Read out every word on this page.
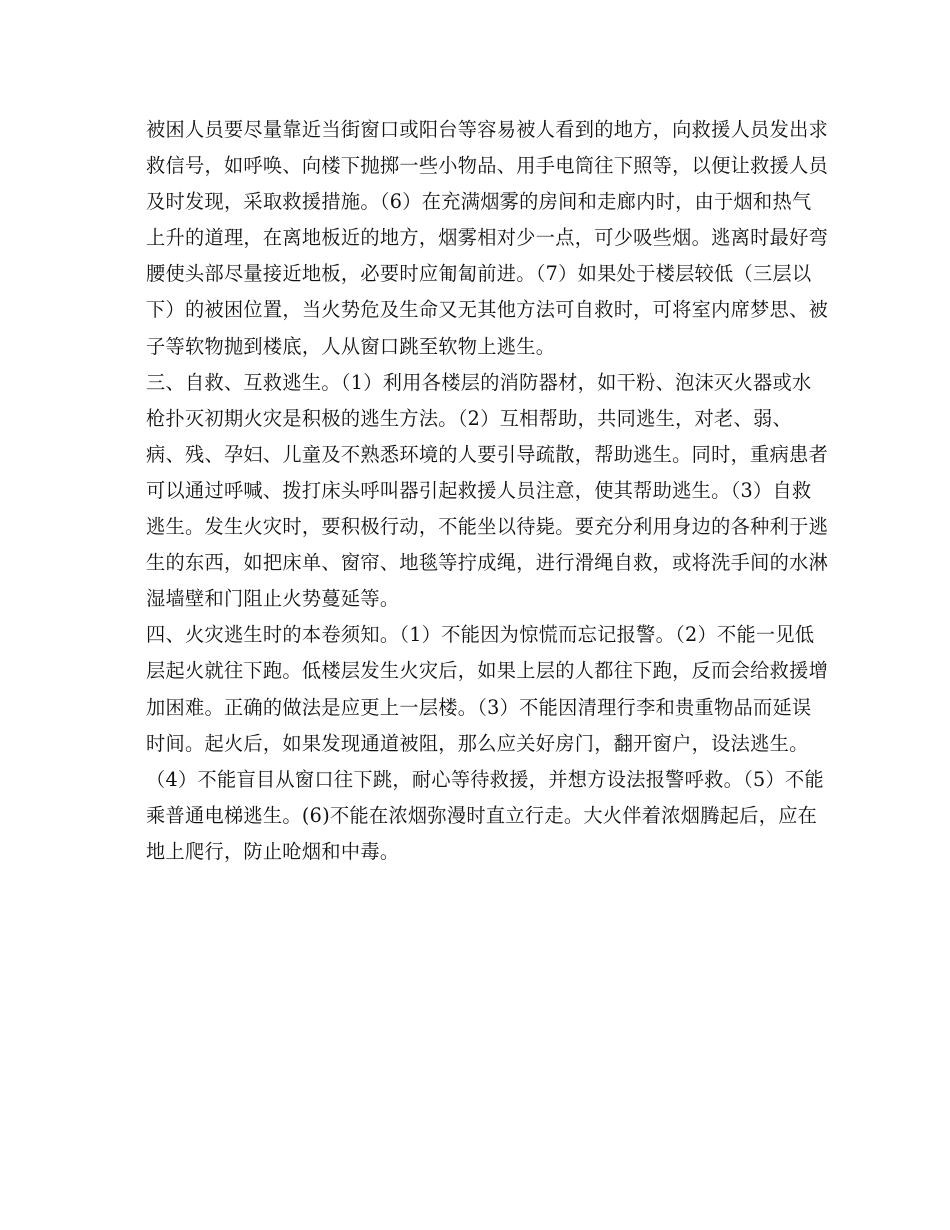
被困人员要尽量靠近当街窗口或阳台等容易被人看到的地方，向救援人员发出求
救信号，如呼唤、向楼下抛掷一些小物品、用手电筒往下照等，以便让救援人员
及时发现，采取救援措施。（6）在充满烟雾的房间和走廊内时，由于烟和热气
上升的道理，在离地板近的地方，烟雾相对少一点，可少吸些烟。逃离时最好弯
腰使头部尽量接近地板，必要时应匍匐前进。（7）如果处于楼层较低（三层以
下）的被困位置，当火势危及生命又无其他方法可自救时，可将室内席梦思、被
子等软物抛到楼底，人从窗口跳至软物上逃生。
三、自救、互救逃生。（1）利用各楼层的消防器材，如干粉、泡沫灭火器或水
枪扑灭初期火灾是积极的逃生方法。（2）互相帮助，共同逃生，对老、弱、
病、残、孕妇、儿童及不熟悉环境的人要引导疏散，帮助逃生。同时，重病患者
可以通过呼喊、拨打床头呼叫器引起救援人员注意，使其帮助逃生。（3）自救
逃生。发生火灾时，要积极行动，不能坐以待毙。要充分利用身边的各种利于逃
生的东西，如把床单、窗帘、地毯等拧成绳，进行滑绳自救，或将洗手间的水淋
湿墙壁和门阻止火势蔓延等。
四、火灾逃生时的本卷须知。（1）不能因为惊慌而忘记报警。（2）不能一见低
层起火就往下跑。低楼层发生火灾后，如果上层的人都往下跑，反而会给救援增
加困难。正确的做法是应更上一层楼。（3）不能因清理行李和贵重物品而延误
时间。起火后，如果发现通道被阻，那么应关好房门，翻开窗户，设法逃生。
（4）不能盲目从窗口往下跳，耐心等待救援，并想方设法报警呼救。（5）不能
乘普通电梯逃生。(6)不能在浓烟弥漫时直立行走。大火伴着浓烟腾起后，应在
地上爬行，防止呛烟和中毒。
